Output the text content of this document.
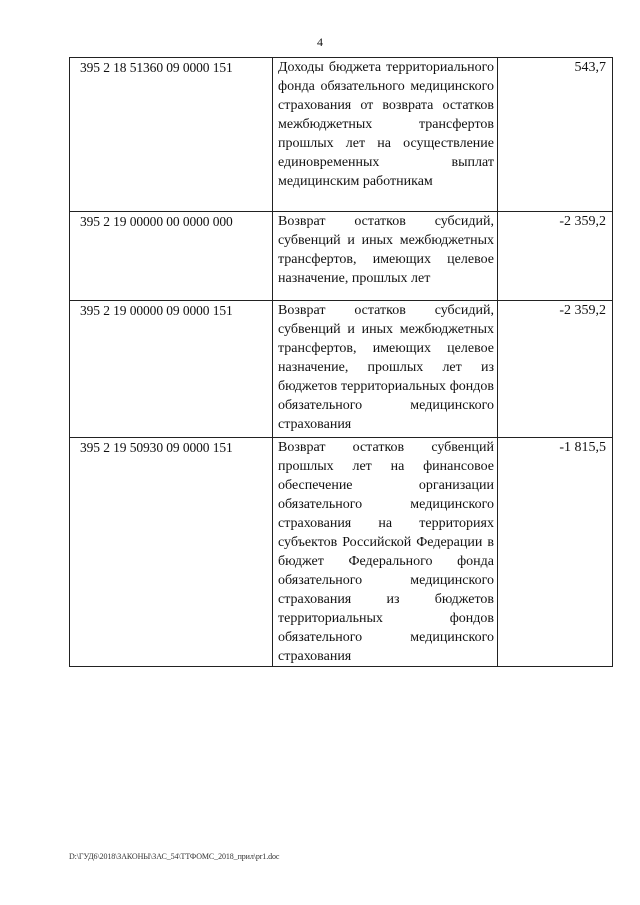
4
395 2 18 51360 09 0000 151	Доходы бюджета территориального фонда обязательного медицинского страхования от возврата остатков межбюджетных трансфертов прошлых лет на осуществление единовременных выплат медицинским работникам	543,7
395 2 19 00000 00 0000 000	Возврат остатков субсидий, субвенций и иных межбюджетных трансфертов, имеющих целевое назначение, прошлых лет	-2 359,2
395 2 19 00000 09 0000 151	Возврат остатков субсидий, субвенций и иных межбюджетных трансфертов, имеющих целевое назначение, прошлых лет из бюджетов территориальных фондов обязательного медицинского страхования	-2 359,2
395 2 19 50930 09 0000 151	Возврат остатков субвенций прошлых лет на финансовое обеспечение организации обязательного медицинского страхования на территориях субъектов Российской Федерации в бюджет Федерального фонда обязательного медицинского страхования из бюджетов территориальных фондов обязательного медицинского страхования	-1 815,5
D:\ГУД6\2018\ЗАКОНЫ\ЗАС_54\ТТФОМС_2018_прил\pr1.doc
